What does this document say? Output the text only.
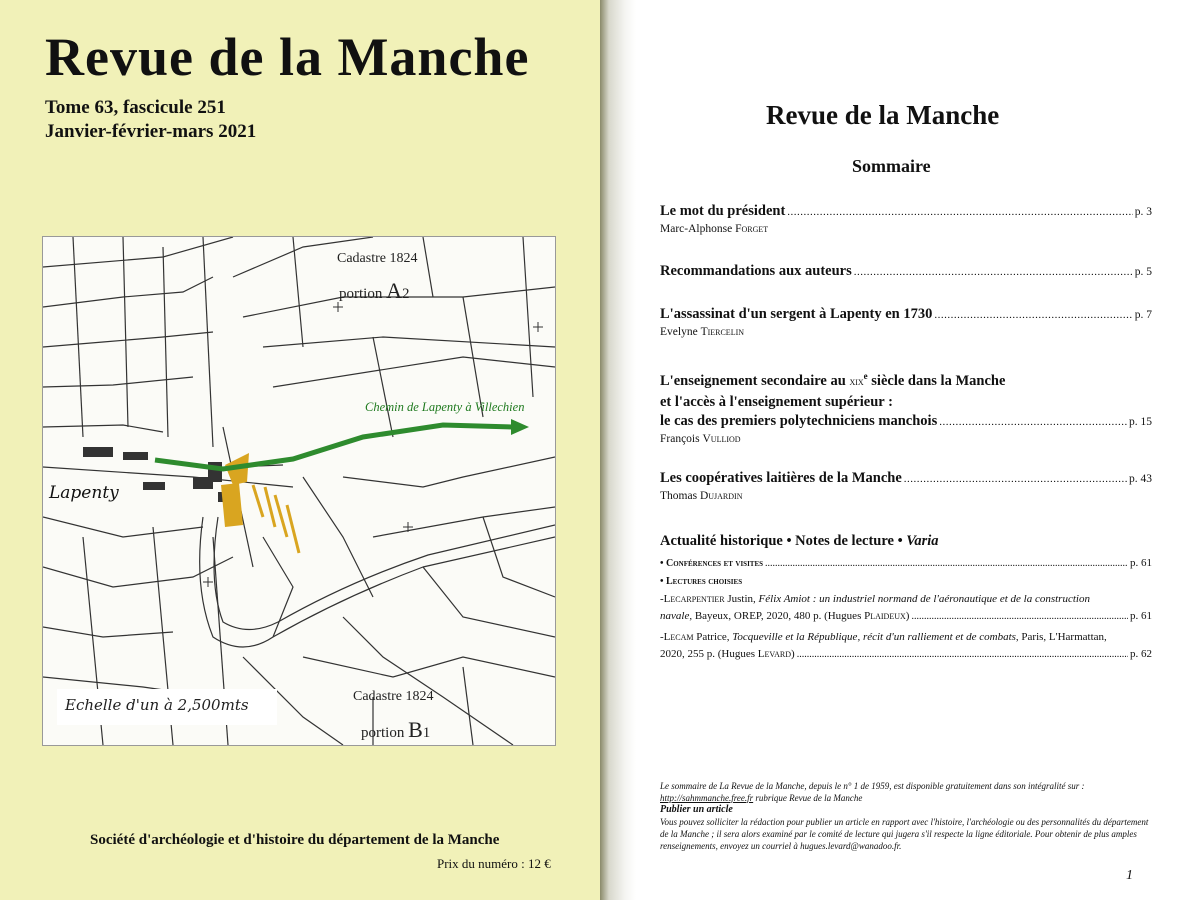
Revue de la Manche
Tome 63, fascicule 251
Janvier-février-mars 2021
Cadastre 1824
portion A2
Chemin de Lapenty à Villechien
Lapenty
Echelle d'un à 2,500mts	Cadastre 1824
portion B1
Société d'archéologie et d'histoire du département de la Manche
Prix du numéro : 12 €
Revue de la Manche
Sommaire
Le mot du président .....	p. 3
Marc-Alphonse Forget
Recommandations aux auteurs .....	p. 5
L'assassinat d'un sergent à Lapenty en 1730 .....	p. 7
Evelyne Tiercelin
L'enseignement secondaire au xix$^e$ siècle dans la Manche
et l'accès à l'enseignement supérieur :
le cas des premiers polytechniciens manchois .....	p. 15
François Vulliod
Les coopératives laitières de la Manche .....	p. 43
Thomas Dujardin
Actualité historique • Notes de lecture • Varia
• Conférences et visites .....	p. 61
• Lectures choisies
-Lecarpentier Justin, Félix Amiot : un industriel normand de l'aéronautique et de la construction
navale, Bayeux, OREP, 2020, 480 p. (Hugues Plaideux) .....	p. 61
-Lecam Patrice, Tocqueville et la République, récit d'un ralliement et de combats, Paris, L'Harmattan,
2020, 255 p. (Hugues Levard) .....	p. 62
Le sommaire de La Revue de la Manche, depuis le n° 1 de 1959, est disponible gratuitement dans son intégralité sur :
http://sahmmanche.free.fr rubrique Revue de la Manche
Publier un article
Vous pouvez solliciter la rédaction pour publier un article en rapport avec l'histoire, l'archéologie ou des personnalités du département de la Manche ; il sera alors examiné par le comité de lecture qui jugera s'il respecte la ligne éditoriale. Pour obtenir de plus amples renseignements, envoyez un courriel à hugues.levard@wanadoo.fr.
1
